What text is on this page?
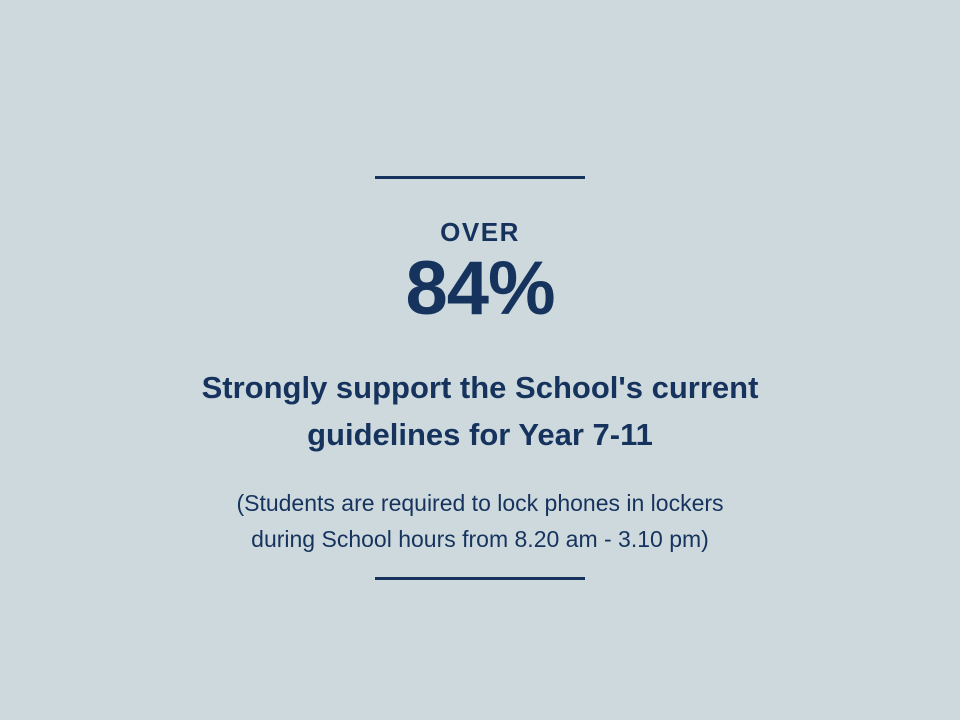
OVER
84%
Strongly support the School's current
guidelines for Year 7-11
(Students are required to lock phones in lockers
during School hours from 8.20 am - 3.10 pm)
